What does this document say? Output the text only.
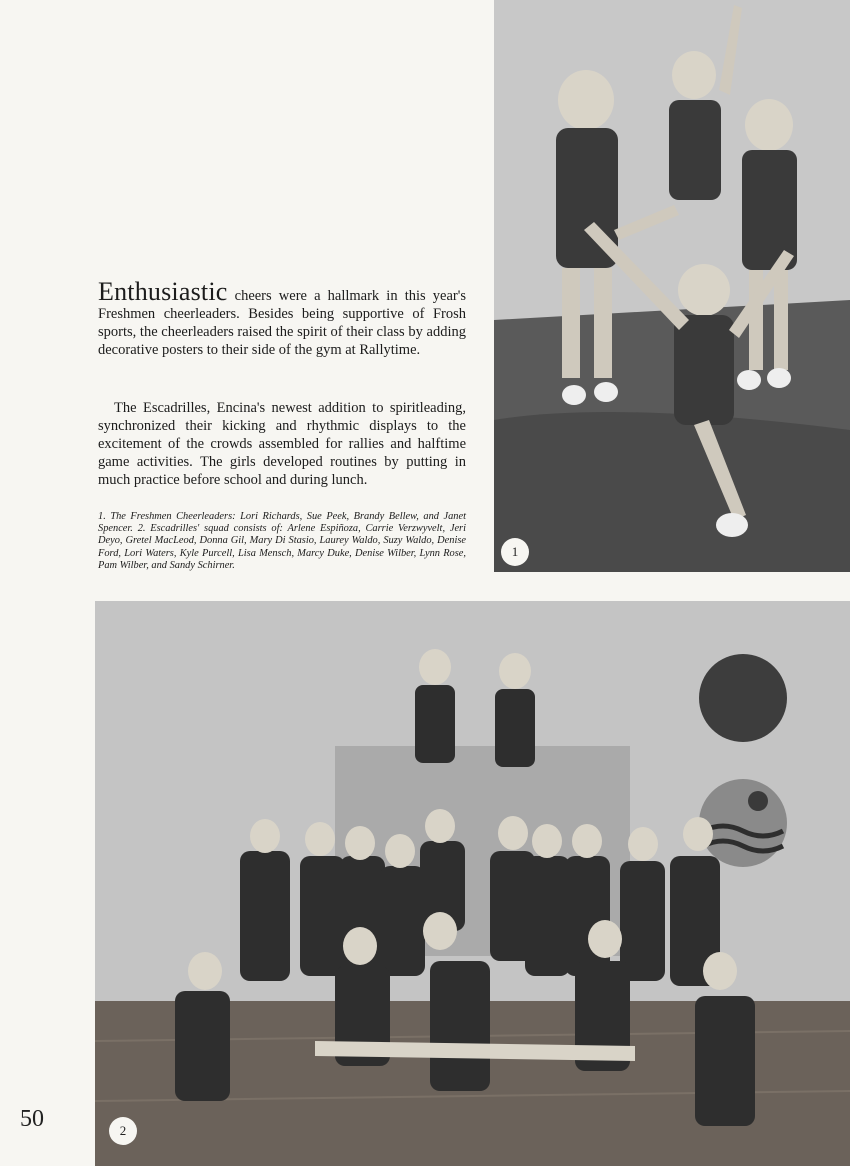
1

Enthusiastic cheers were a hallmark in this year's Freshmen cheerleaders. Besides being supportive of Frosh sports, the cheerleaders raised the spirit of their class by adding decorative posters to their side of the gym at Rallytime.

The Escadrilles, Encina's newest addition to spiritleading, synchronized their kicking and rhythmic displays to the excitement of the crowds assembled for rallies and halftime game activities. The girls developed routines by putting in much practice before school and during lunch.

1. The Freshmen Cheerleaders: Lori Richards, Sue Peek, Brandy Bellew, and Janet Spencer. 2. Escadrilles' squad consists of: Arlene Espiñoza, Carrie Verzwyvelt, Jeri Deyo, Gretel MacLeod, Donna Gil, Mary Di Stasio, Laurey Waldo, Suzy Waldo, Denise Ford, Lori Waters, Kyle Purcell, Lisa Mensch, Marcy Duke, Denise Wilber, Lynn Rose, Pam Wilber, and Sandy Schirner.
2
50
